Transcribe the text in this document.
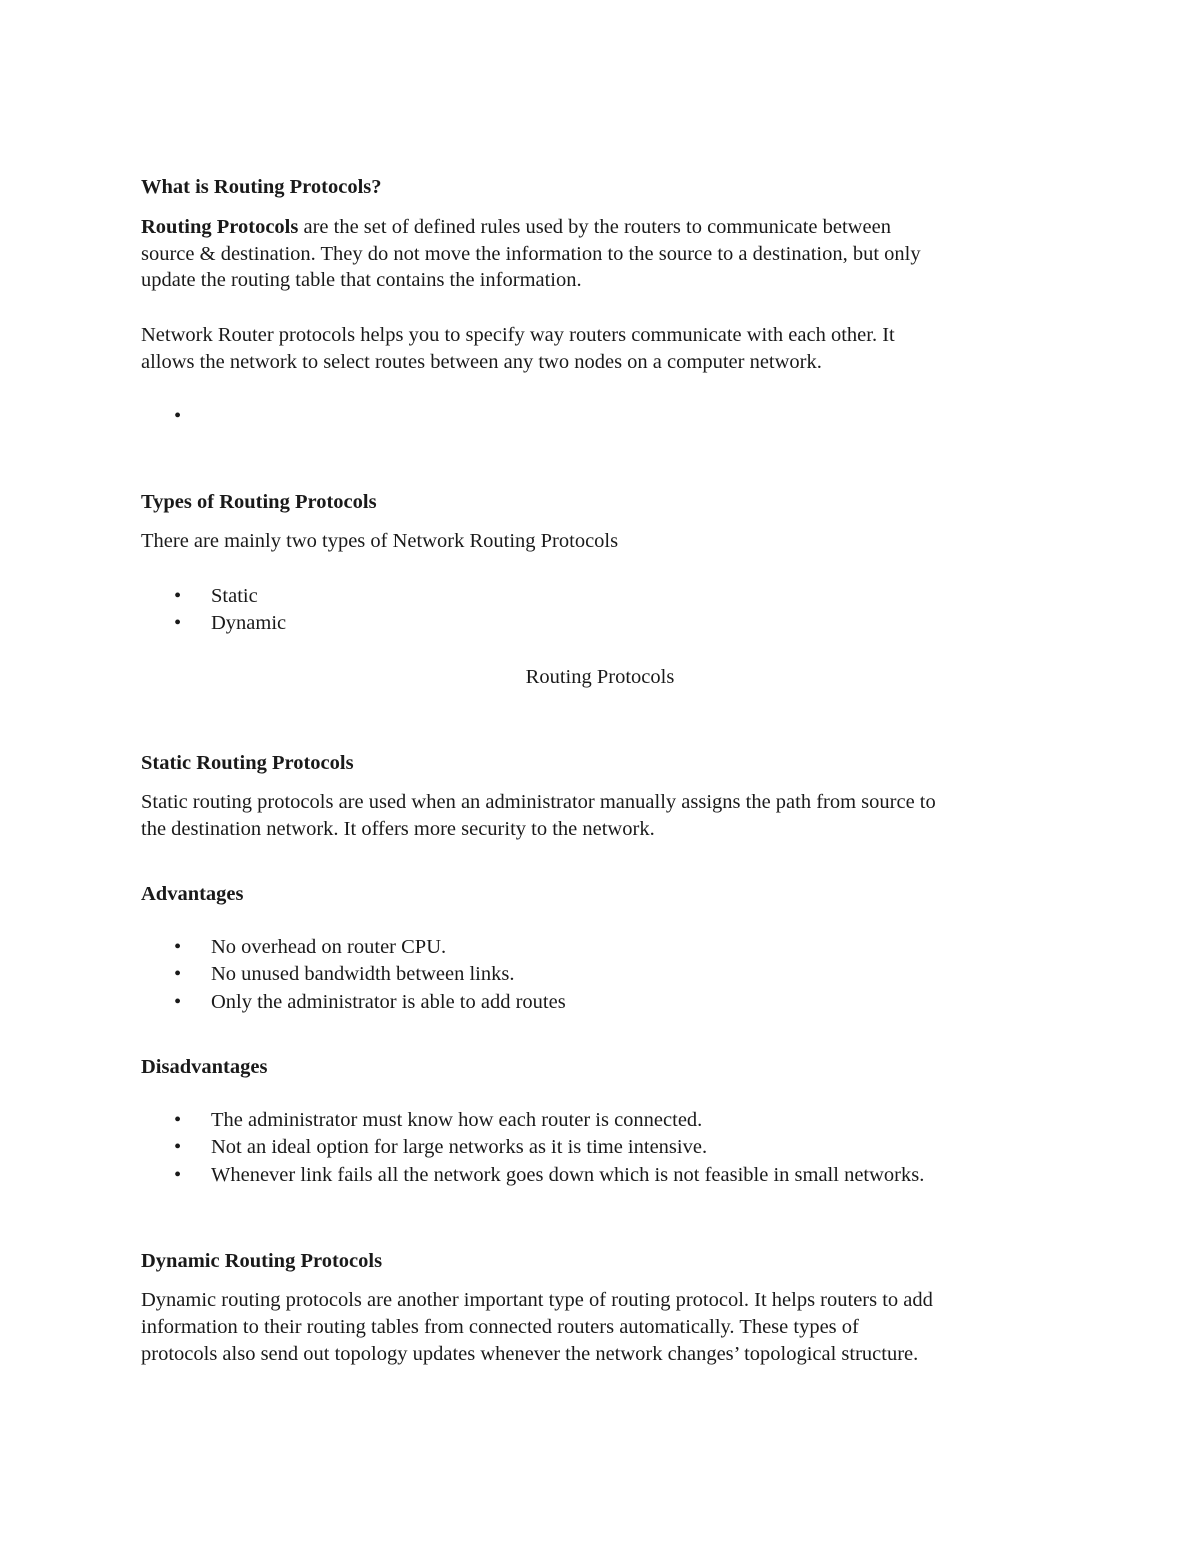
What is Routing Protocols?
Routing Protocols are the set of defined rules used by the routers to communicate between
source & destination. They do not move the information to the source to a destination, but only
update the routing table that contains the information.
Network Router protocols helps you to specify way routers communicate with each other. It
allows the network to select routes between any two nodes on a computer network.
•
Types of Routing Protocols
There are mainly two types of Network Routing Protocols
• Static
• Dynamic
Routing Protocols
Static Routing Protocols
Static routing protocols are used when an administrator manually assigns the path from source to
the destination network. It offers more security to the network.
Advantages
• No overhead on router CPU.
• No unused bandwidth between links.
• Only the administrator is able to add routes
Disadvantages
• The administrator must know how each router is connected.
• Not an ideal option for large networks as it is time intensive.
• Whenever link fails all the network goes down which is not feasible in small networks.
Dynamic Routing Protocols
Dynamic routing protocols are another important type of routing protocol. It helps routers to add
information to their routing tables from connected routers automatically. These types of
protocols also send out topology updates whenever the network changes’ topological structure.
